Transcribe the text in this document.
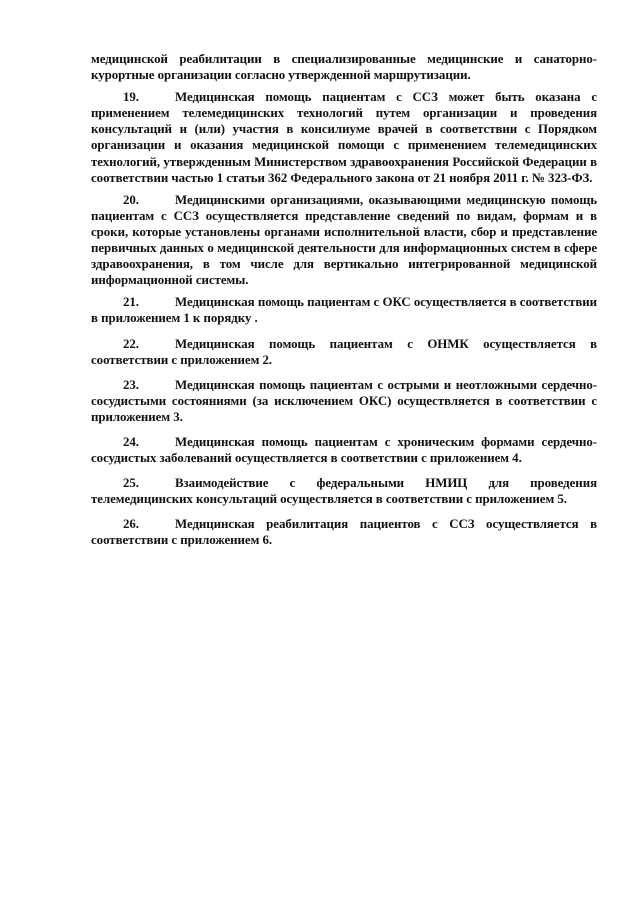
медицинской реабилитации в специализированные медицинские и санаторно-курортные организации согласно утвержденной маршрутизации.

19.	Медицинская помощь пациентам с ССЗ может быть оказана с применением телемедицинских технологий путем организации и проведения консультаций и (или) участия в консилиуме врачей в соответствии с Порядком организации и оказания медицинской помощи с применением телемедицинских технологий, утвержденным Министерством здравоохранения Российской Федерации в соответствии частью 1 статьи 362 Федерального закона от 21 ноября 2011 г. № 323-ФЗ.

20.	Медицинскими организациями, оказывающими медицинскую помощь пациентам с ССЗ осуществляется представление сведений по видам, формам и в сроки, которые установлены органами исполнительной власти, сбор и представление первичных данных о медицинской деятельности для информационных систем в сфере здравоохранения, в том числе для вертикально интегрированной медицинской информационной системы.

21.	Медицинская помощь пациентам с ОКС осуществляется в соответствии в приложением 1 к порядку .

22.	Медицинская помощь пациентам с ОНМК осуществляется в соответствии с приложением 2.

23.	Медицинская помощь пациентам с острыми и неотложными сердечно-сосудистыми состояниями (за исключением ОКС) осуществляется в соответствии с приложением 3.

24.	Медицинская помощь пациентам с хроническим формами сердечно-сосудистых заболеваний осуществляется в соответствии с приложением 4.

25.	Взаимодействие с федеральными НМИЦ для проведения телемедицинских консультаций осуществляется в соответствии с приложением 5.

26.	Медицинская реабилитация пациентов с ССЗ осуществляется в соответствии с приложением 6.
